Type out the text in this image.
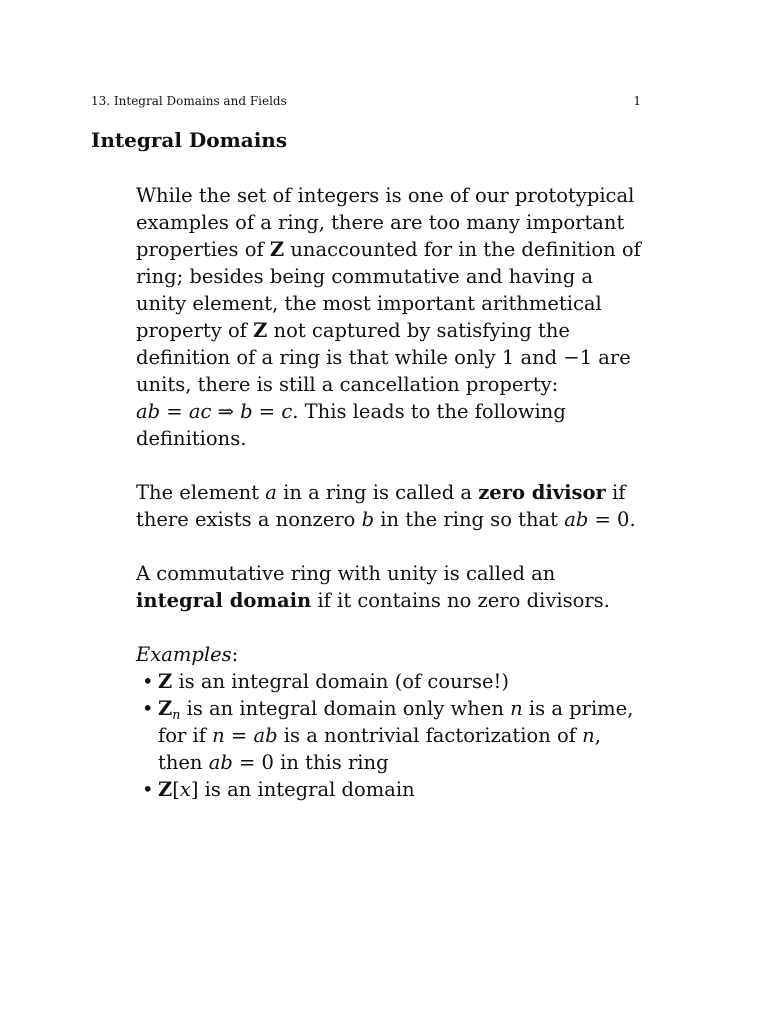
13. Integral Domains and Fields	1
Integral Domains

While the set of integers is one of our prototypical
examples of a ring, there are too many important
properties of Z unaccounted for in the definition of
ring; besides being commutative and having a
unity element, the most important arithmetical
property of Z not captured by satisfying the
definition of a ring is that while only 1 and −1 are
units, there is still a cancellation property:
ab = ac ⇒ b = c. This leads to the following
definitions.

The element a in a ring is called a zero divisor if
there exists a nonzero b in the ring so that ab = 0.

A commutative ring with unity is called an
integral domain if it contains no zero divisors.

Examples:
• Z is an integral domain (of course!)
• $Z_n$ is an integral domain only when n is a prime,
for if n = ab is a nontrivial factorization of n,
then ab = 0 in this ring
• Z[x] is an integral domain
